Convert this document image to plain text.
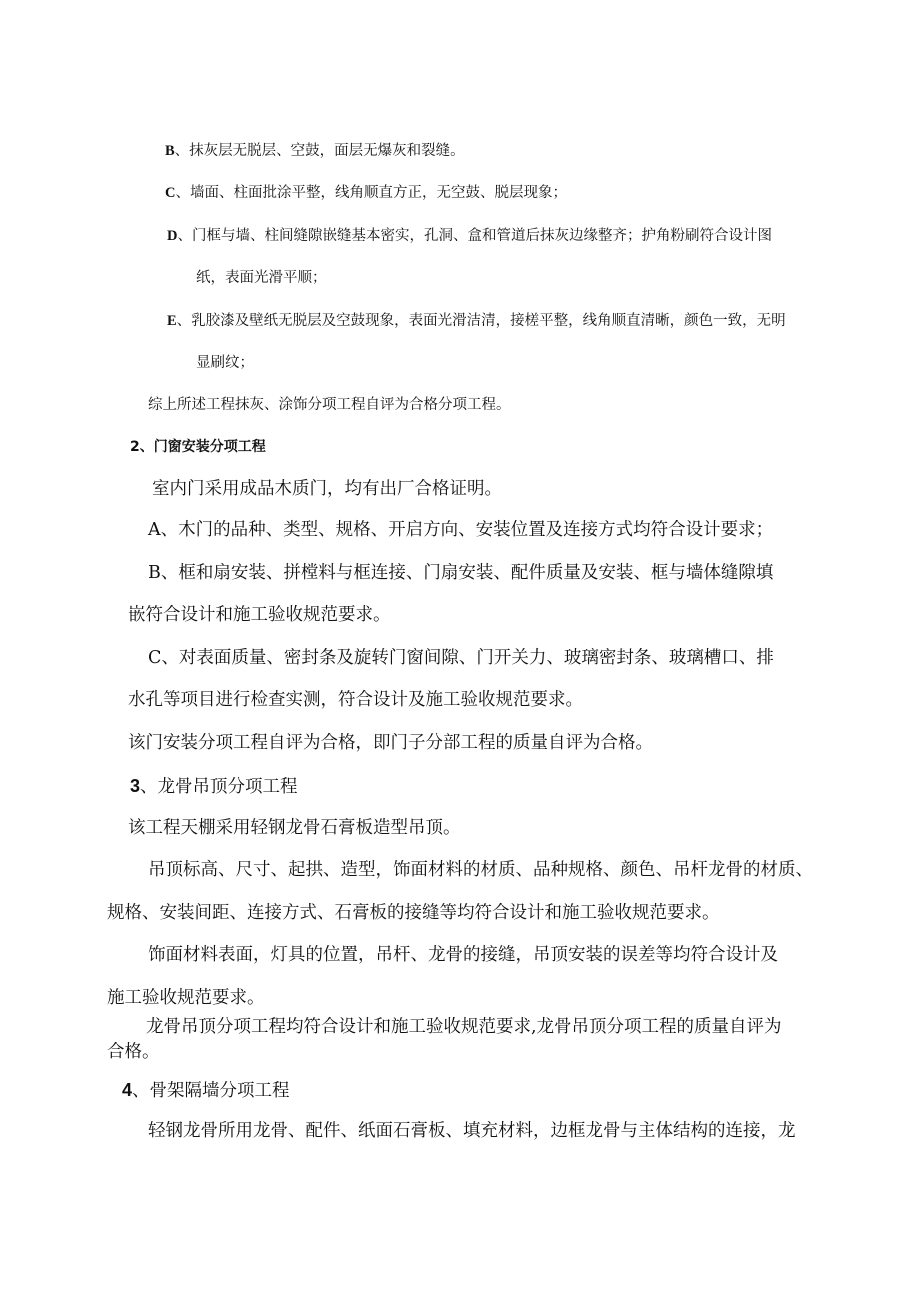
B、抹灰层无脱层、空鼓，面层无爆灰和裂缝。
C、墙面、柱面批涂平整，线角顺直方正，无空鼓、脱层现象；
D、门框与墙、柱间缝隙嵌缝基本密实，孔洞、盒和管道后抹灰边缘整齐；护角粉刷符合设计图
纸，表面光滑平顺；
E、乳胶漆及壁纸无脱层及空鼓现象，表面光滑洁清，接槎平整，线角顺直清晰，颜色一致，无明
显刷纹；
综上所述工程抹灰、涂饰分项工程自评为合格分项工程。
2、门窗安装分项工程
室内门采用成品木质门，均有出厂合格证明。
A、木门的品种、类型、规格、开启方向、安装位置及连接方式均符合设计要求；
B、框和扇安装、拼樘料与框连接、门扇安装、配件质量及安装、框与墙体缝隙填
嵌符合设计和施工验收规范要求。
C、对表面质量、密封条及旋转门窗间隙、门开关力、玻璃密封条、玻璃槽口、排
水孔等项目进行检查实测，符合设计及施工验收规范要求。
该门安装分项工程自评为合格，即门子分部工程的质量自评为合格。
3、龙骨吊顶分项工程
该工程天棚采用轻钢龙骨石膏板造型吊顶。
吊顶标高、尺寸、起拱、造型，饰面材料的材质、品种规格、颜色、吊杆龙骨的材质、
规格、安装间距、连接方式、石膏板的接缝等均符合设计和施工验收规范要求。
饰面材料表面，灯具的位置，吊杆、龙骨的接缝，吊顶安装的误差等均符合设计及
施工验收规范要求。
龙骨吊顶分项工程均符合设计和施工验收规范要求,龙骨吊顶分项工程的质量自评为
合格。
4、骨架隔墙分项工程
轻钢龙骨所用龙骨、配件、纸面石膏板、填充材料，边框龙骨与主体结构的连接，龙
